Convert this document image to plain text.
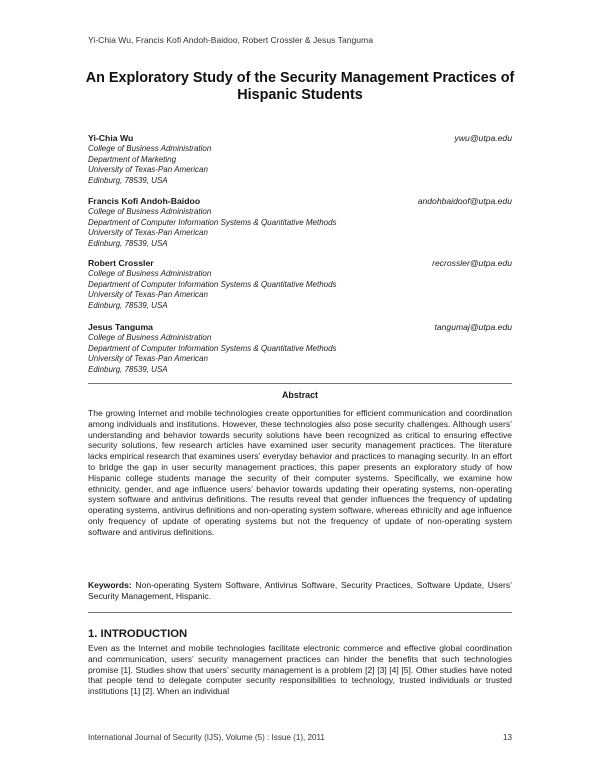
Yi-Chia Wu, Francis Kofi Andoh-Baidoo, Robert Crossler & Jesus Tanguma
An Exploratory Study of the Security Management Practices of Hispanic Students
Yi-Chia Wu	ywu@utpa.edu
College of Business Administration
Department of Marketing
University of Texas-Pan American
Edinburg, 78539, USA
Francis Kofi Andoh-Baidoo	andohbaidoof@utpa.edu
College of Business Administration
Department of Computer Information Systems & Quantitative Methods
University of Texas-Pan American
Edinburg, 78539, USA
Robert Crossler	recrossler@utpa.edu
College of Business Administration
Department of Computer Information Systems & Quantitative Methods
University of Texas-Pan American
Edinburg, 78539, USA
Jesus Tanguma	tangumaj@utpa.edu
College of Business Administration
Department of Computer Information Systems & Quantitative Methods
University of Texas-Pan American
Edinburg, 78539, USA
Abstract
The growing Internet and mobile technologies create opportunities for efficient communication and coordination among individuals and institutions. However, these technologies also pose security challenges. Although users’ understanding and behavior towards security solutions have been recognized as critical to ensuring effective security solutions, few research articles have examined user security management practices. The literature lacks empirical research that examines users’ everyday behavior and practices to managing security. In an effort to bridge the gap in user security management practices, this paper presents an exploratory study of how Hispanic college students manage the security of their computer systems. Specifically, we examine how ethnicity, gender, and age influence users’ behavior towards updating their operating systems, non-operating system software and antivirus definitions. The results reveal that gender influences the frequency of updating operating systems, antivirus definitions and non-operating system software, whereas ethnicity and age influence only frequency of update of operating systems but not the frequency of update of non-operating system software and antivirus definitions.
Keywords: Non-operating System Software, Antivirus Software, Security Practices, Software Update, Users’ Security Management, Hispanic.
1. INTRODUCTION
Even as the Internet and mobile technologies facilitate electronic commerce and effective global coordination and communication, users’ security management practices can hinder the benefits that such technologies promise [1]. Studies show that users’ security management is a problem [2] [3] [4] [5]. Other studies have noted that people tend to delegate computer security responsibilities to technology, trusted individuals or trusted institutions [1] [2]. When an individual
International Journal of Security (IJS), Volume (5) : Issue (1), 2011	13
